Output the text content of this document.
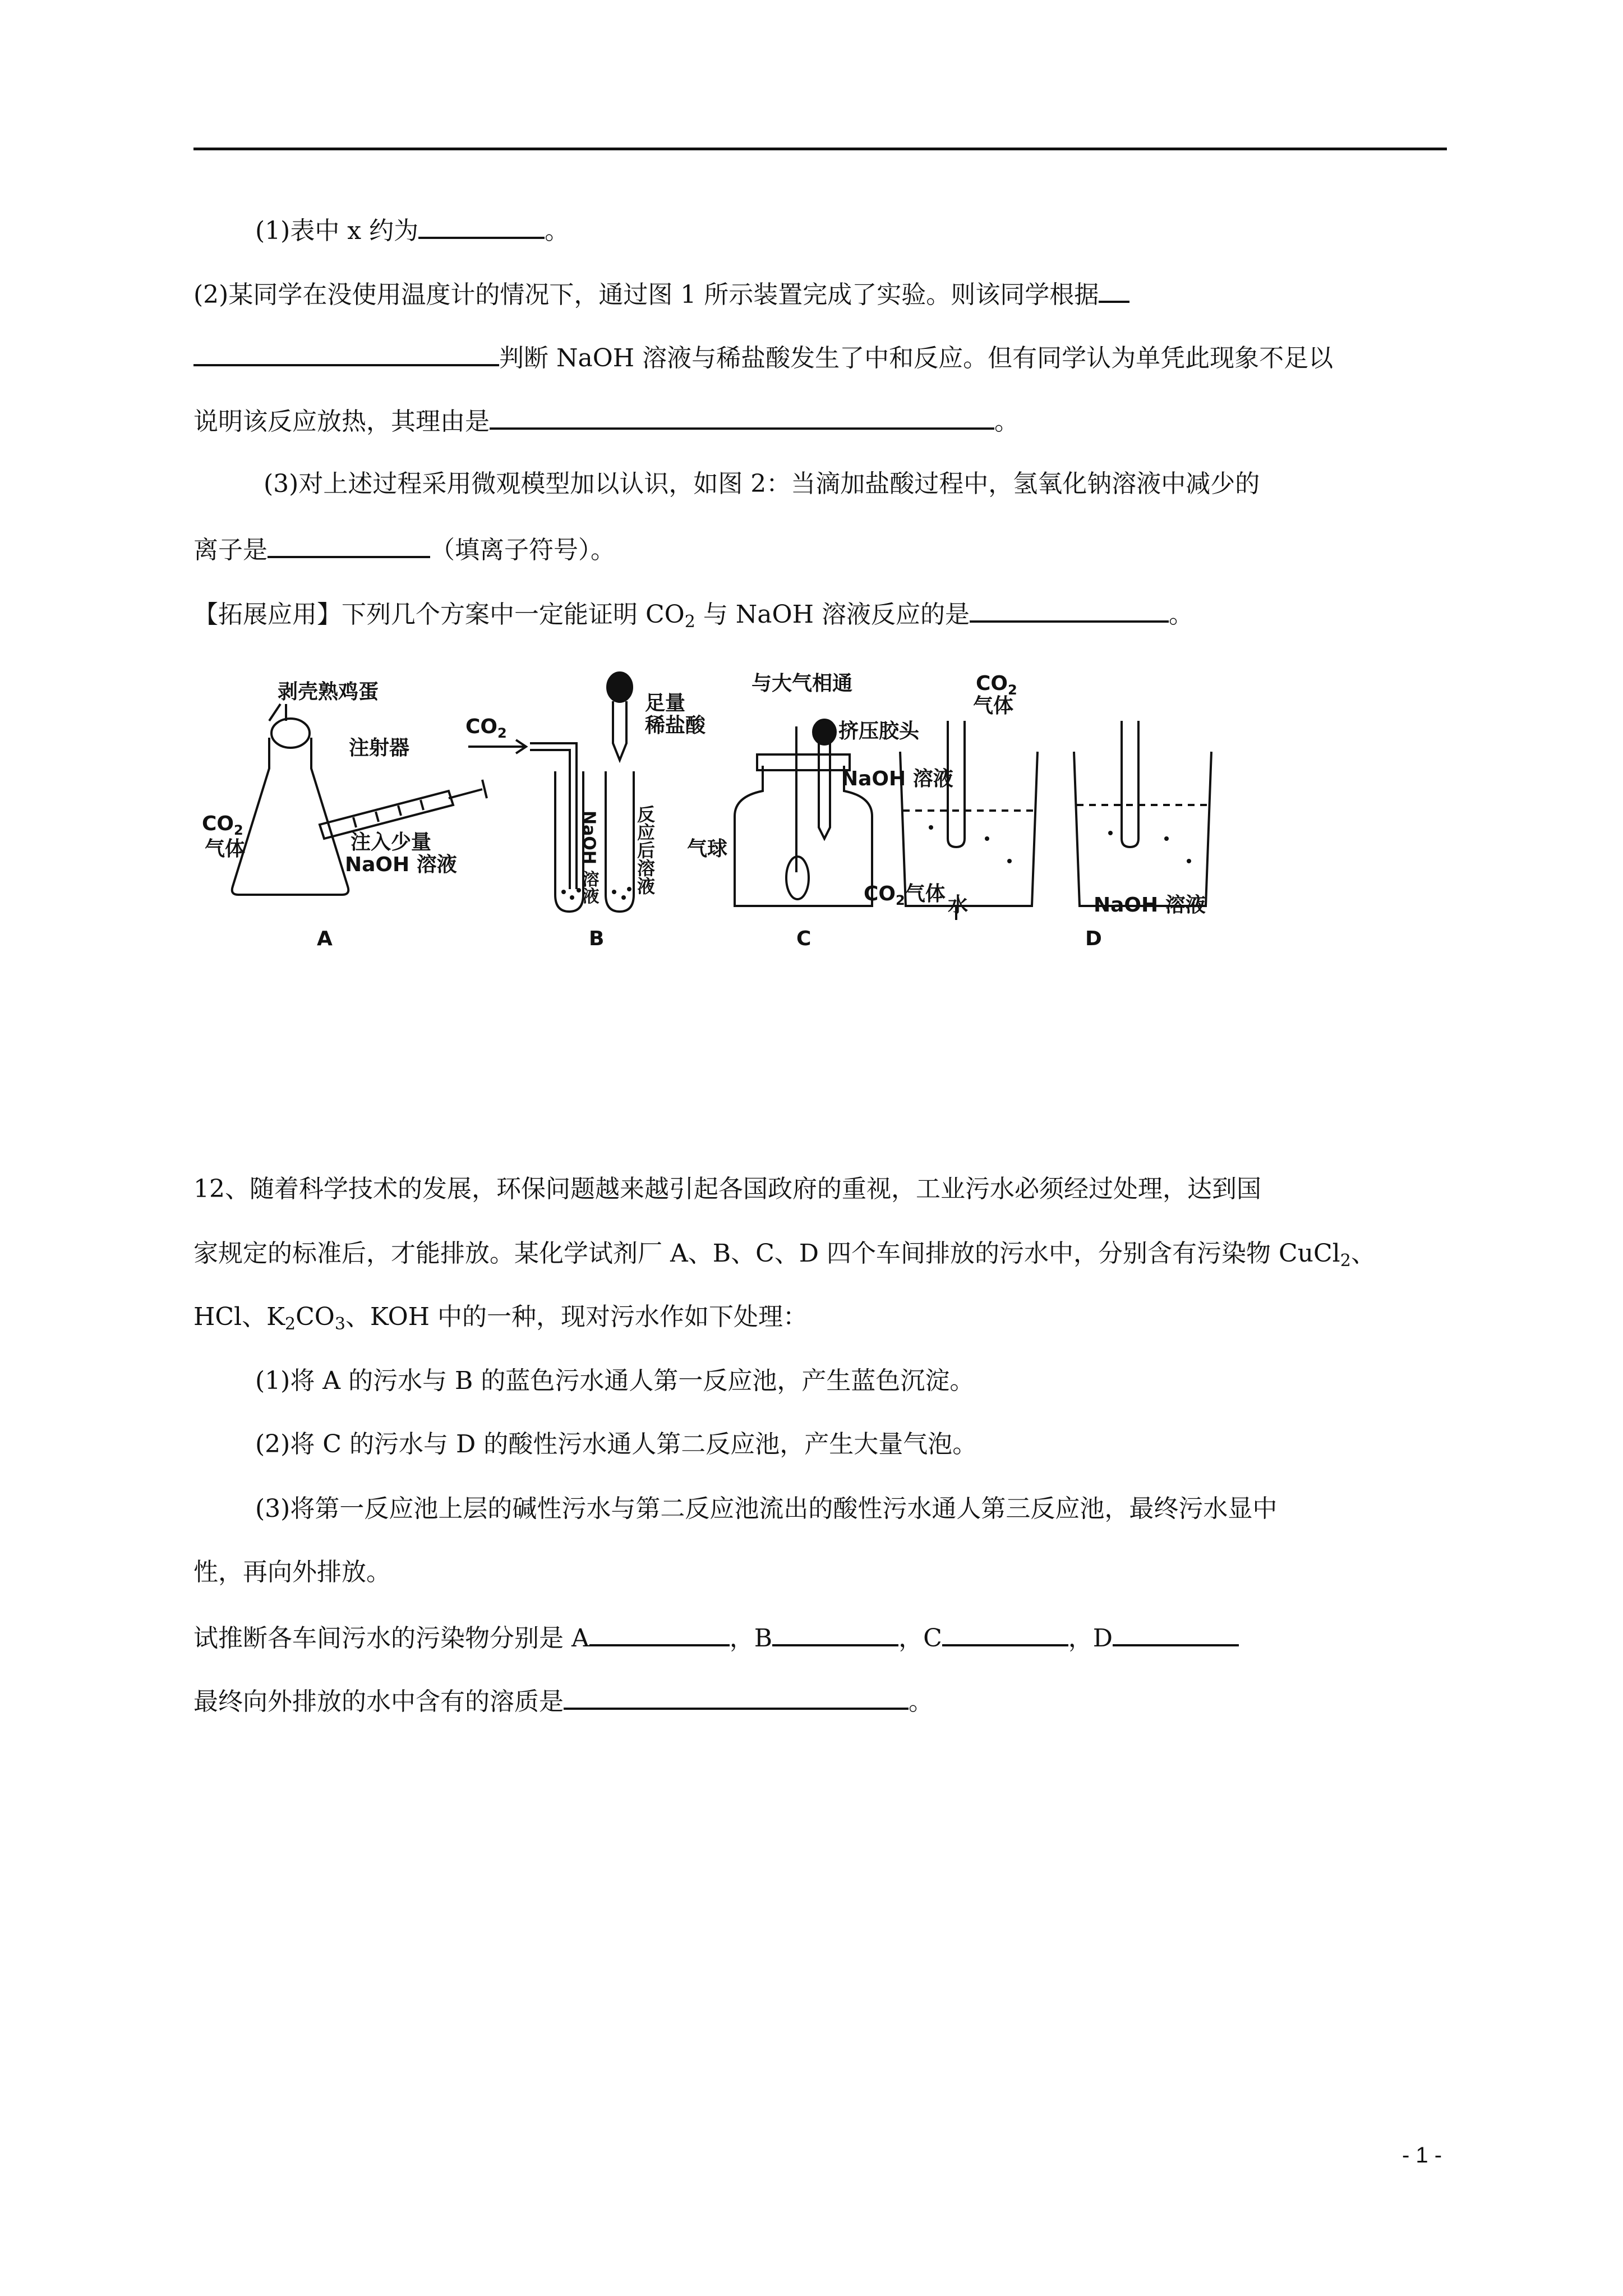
(1)表中 x 约为	。
(2)某同学在没使用温度计的情况下，通过图 1 所示装置完成了实验。则该同学根据
判断 NaOH 溶液与稀盐酸发生了中和反应。但有同学认为单凭此现象不足以
说明该反应放热，其理由是	。
(3)对上述过程采用微观模型加以认识，如图 2：当滴加盐酸过程中，氢氧化钠溶液中减少的
离子是	（填离子符号）。
【拓展应用】下列几个方案中一定能证明 $CO_2$ 与 NaOH 溶液反应的是	。
剥壳熟鸡蛋
注射器
注入少量
NaOH 溶液
$CO_2$
气体
A
$CO_2$
足量
稀盐酸
NaOH 溶液 反应后溶液
B
与大气相通
挤压胶头
NaOH 溶液
气球
$CO_2$气体
C
$CO_2$
气体
水	NaOH 溶液
D
12、随着科学技术的发展，环保问题越来越引起各国政府的重视，工业污水必须经过处理，达到国
家规定的标准后，才能排放。某化学试剂厂 A、B、C、D 四个车间排放的污水中，分别含有污染物 CuCl$_2$、
HCl、$K_2CO_3$、KOH 中的一种，现对污水作如下处理：
(1)将 A 的污水与 B 的蓝色污水通人第一反应池，产生蓝色沉淀。
(2)将 C 的污水与 D 的酸性污水通人第二反应池，产生大量气泡。
(3)将第一反应池上层的碱性污水与第二反应池流出的酸性污水通人第三反应池，最终污水显中
性，再向外排放。
试推断各车间污水的污染物分别是 A	，B	，C	，D
最终向外排放的水中含有的溶质是	。
- 1 -
